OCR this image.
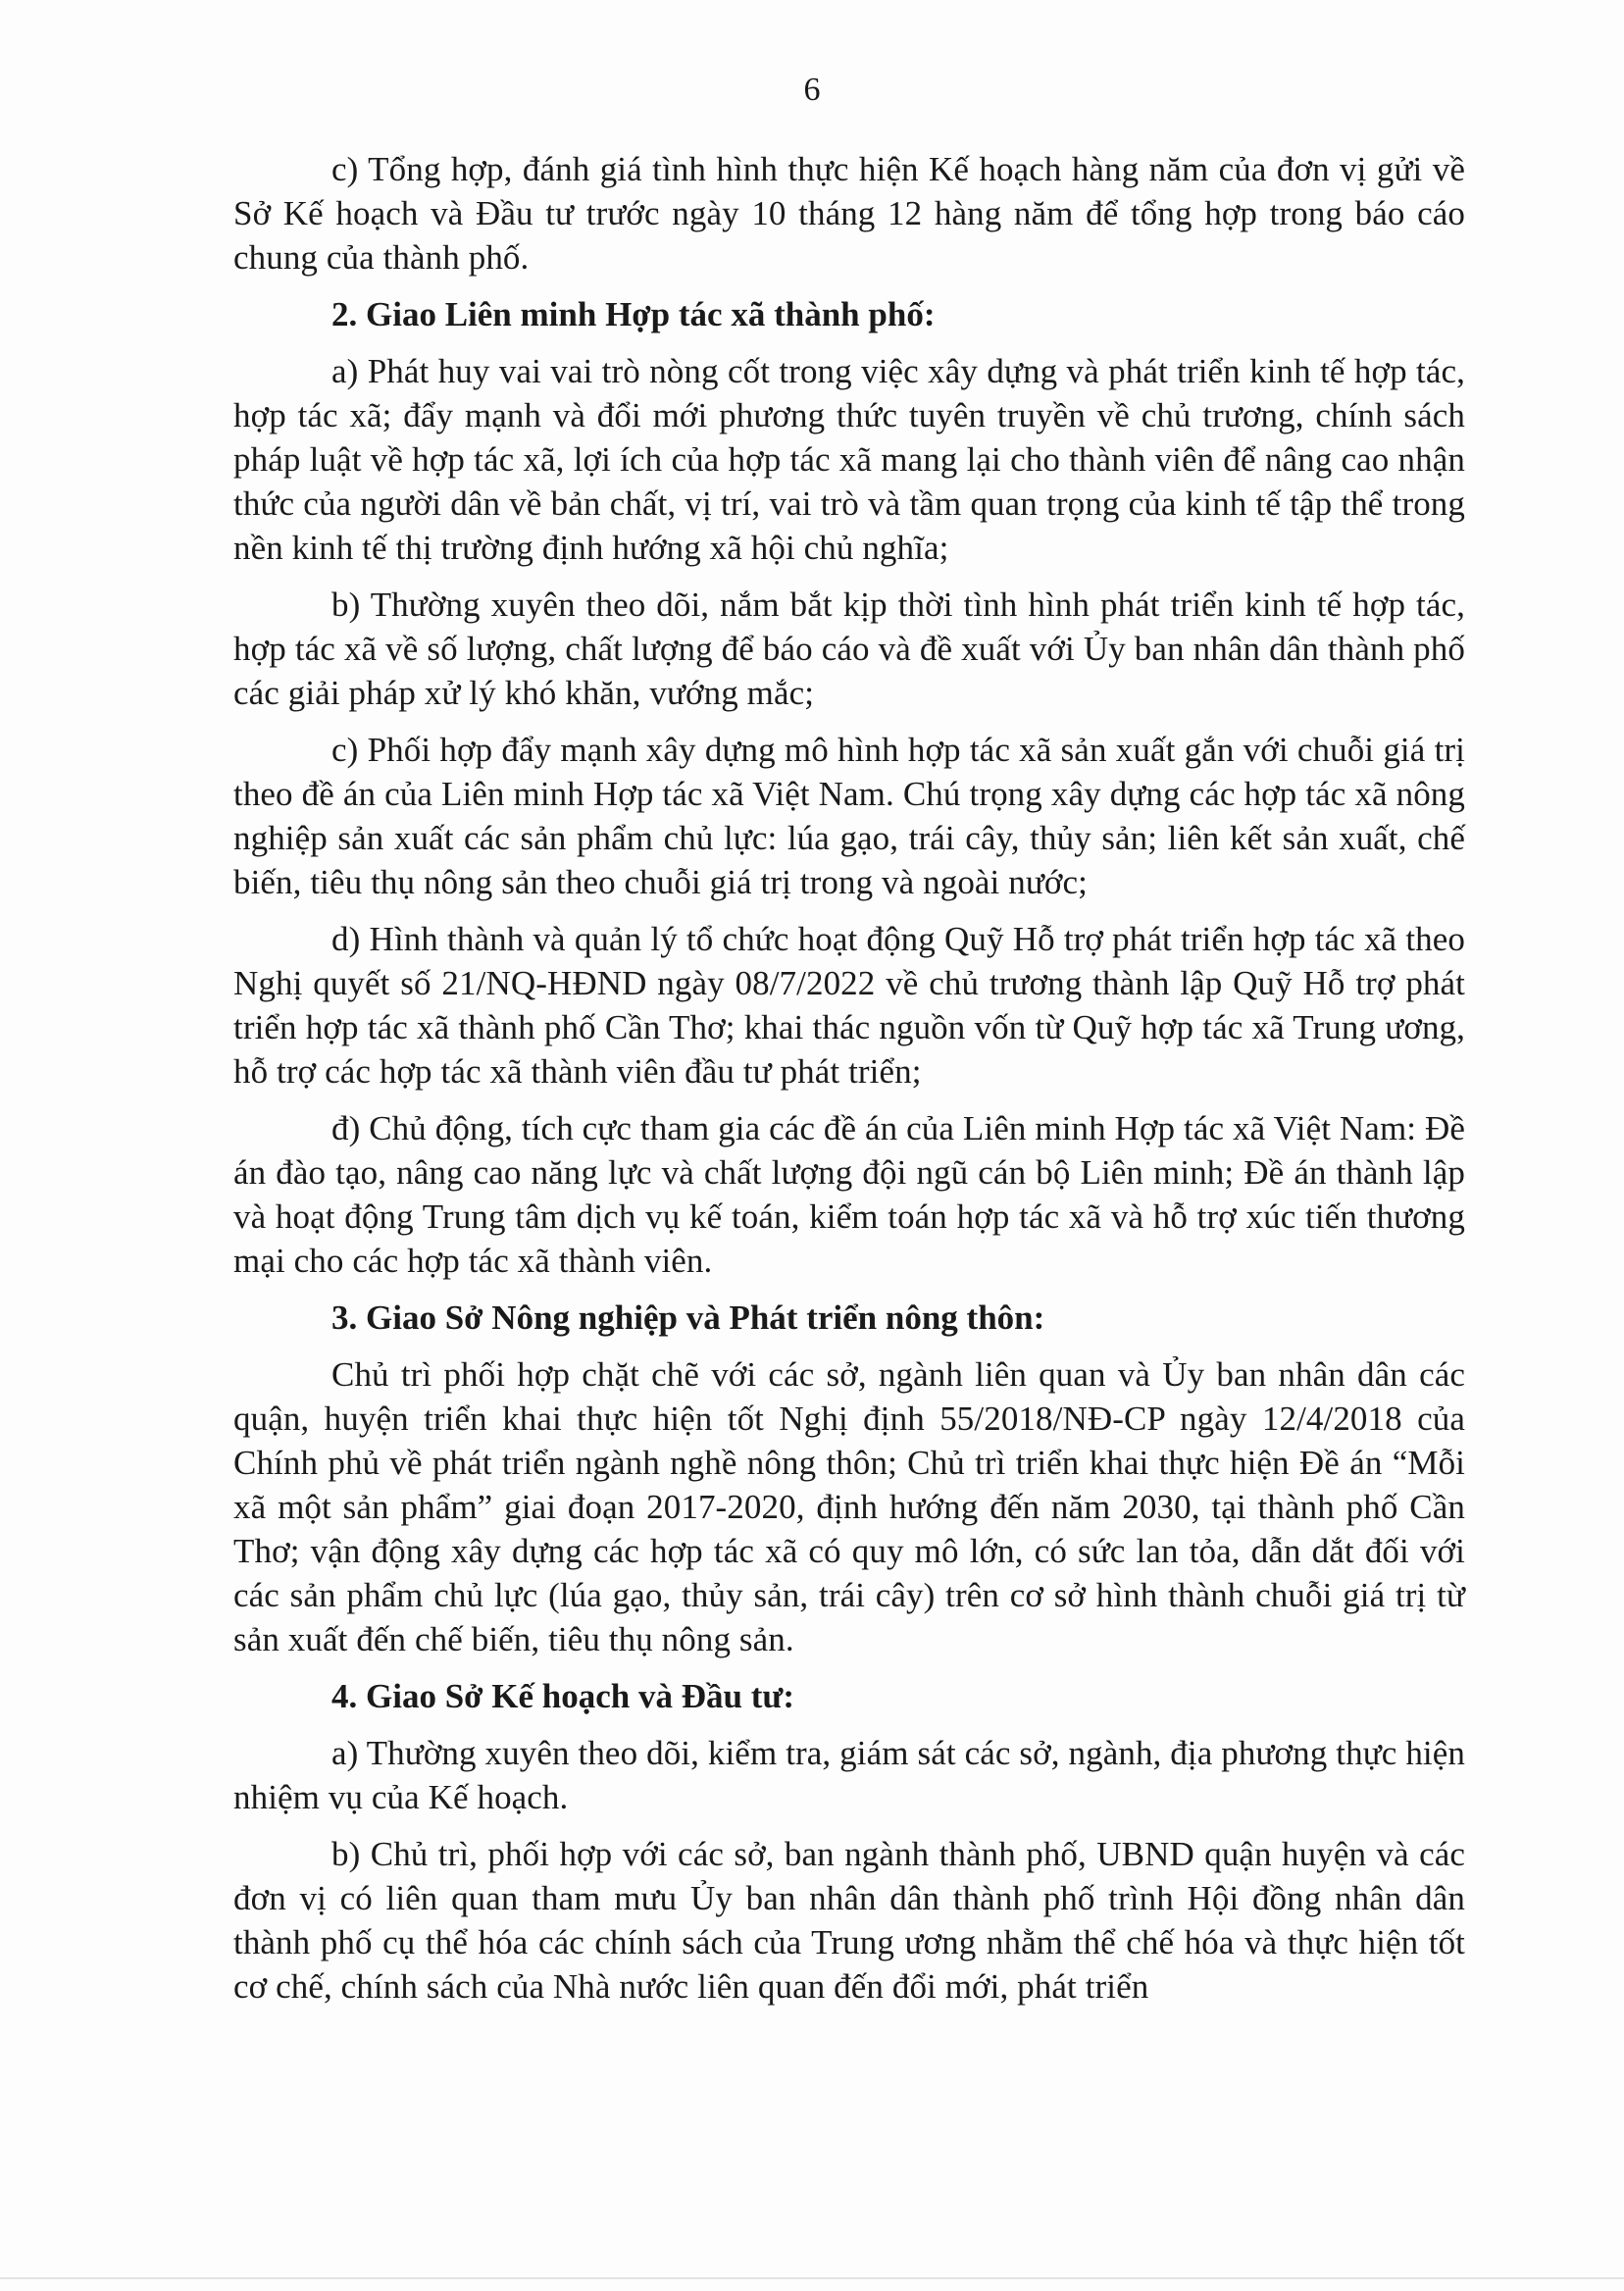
6

c) Tổng hợp, đánh giá tình hình thực hiện Kế hoạch hàng năm của đơn vị gửi về Sở Kế hoạch và Đầu tư trước ngày 10 tháng 12 hàng năm để tổng hợp trong báo cáo chung của thành phố.

2. Giao Liên minh Hợp tác xã thành phố:

a) Phát huy vai vai trò nòng cốt trong việc xây dựng và phát triển kinh tế hợp tác, hợp tác xã; đẩy mạnh và đổi mới phương thức tuyên truyền về chủ trương, chính sách pháp luật về hợp tác xã, lợi ích của hợp tác xã mang lại cho thành viên để nâng cao nhận thức của người dân về bản chất, vị trí, vai trò và tầm quan trọng của kinh tế tập thể trong nền kinh tế thị trường định hướng xã hội chủ nghĩa;

b) Thường xuyên theo dõi, nắm bắt kịp thời tình hình phát triển kinh tế hợp tác, hợp tác xã về số lượng, chất lượng để báo cáo và đề xuất với Ủy ban nhân dân thành phố các giải pháp xử lý khó khăn, vướng mắc;

c) Phối hợp đẩy mạnh xây dựng mô hình hợp tác xã sản xuất gắn với chuỗi giá trị theo đề án của Liên minh Hợp tác xã Việt Nam. Chú trọng xây dựng các hợp tác xã nông nghiệp sản xuất các sản phẩm chủ lực: lúa gạo, trái cây, thủy sản; liên kết sản xuất, chế biến, tiêu thụ nông sản theo chuỗi giá trị trong và ngoài nước;

d) Hình thành và quản lý tổ chức hoạt động Quỹ Hỗ trợ phát triển hợp tác xã theo Nghị quyết số 21/NQ-HĐND ngày 08/7/2022 về chủ trương thành lập Quỹ Hỗ trợ phát triển hợp tác xã thành phố Cần Thơ; khai thác nguồn vốn từ Quỹ hợp tác xã Trung ương, hỗ trợ các hợp tác xã thành viên đầu tư phát triển;

đ) Chủ động, tích cực tham gia các đề án của Liên minh Hợp tác xã Việt Nam: Đề án đào tạo, nâng cao năng lực và chất lượng đội ngũ cán bộ Liên minh; Đề án thành lập và hoạt động Trung tâm dịch vụ kế toán, kiểm toán hợp tác xã và hỗ trợ xúc tiến thương mại cho các hợp tác xã thành viên.

3. Giao Sở Nông nghiệp và Phát triển nông thôn:

Chủ trì phối hợp chặt chẽ với các sở, ngành liên quan và Ủy ban nhân dân các quận, huyện triển khai thực hiện tốt Nghị định 55/2018/NĐ-CP ngày 12/4/2018 của Chính phủ về phát triển ngành nghề nông thôn; Chủ trì triển khai thực hiện Đề án “Mỗi xã một sản phẩm” giai đoạn 2017-2020, định hướng đến năm 2030, tại thành phố Cần Thơ; vận động xây dựng các hợp tác xã có quy mô lớn, có sức lan tỏa, dẫn dắt đối với các sản phẩm chủ lực (lúa gạo, thủy sản, trái cây) trên cơ sở hình thành chuỗi giá trị từ sản xuất đến chế biến, tiêu thụ nông sản.

4. Giao Sở Kế hoạch và Đầu tư:

a) Thường xuyên theo dõi, kiểm tra, giám sát các sở, ngành, địa phương thực hiện nhiệm vụ của Kế hoạch.

b) Chủ trì, phối hợp với các sở, ban ngành thành phố, UBND quận huyện và các đơn vị có liên quan tham mưu Ủy ban nhân dân thành phố trình Hội đồng nhân dân thành phố cụ thể hóa các chính sách của Trung ương nhằm thể chế hóa và thực hiện tốt cơ chế, chính sách của Nhà nước liên quan đến đổi mới, phát triển
